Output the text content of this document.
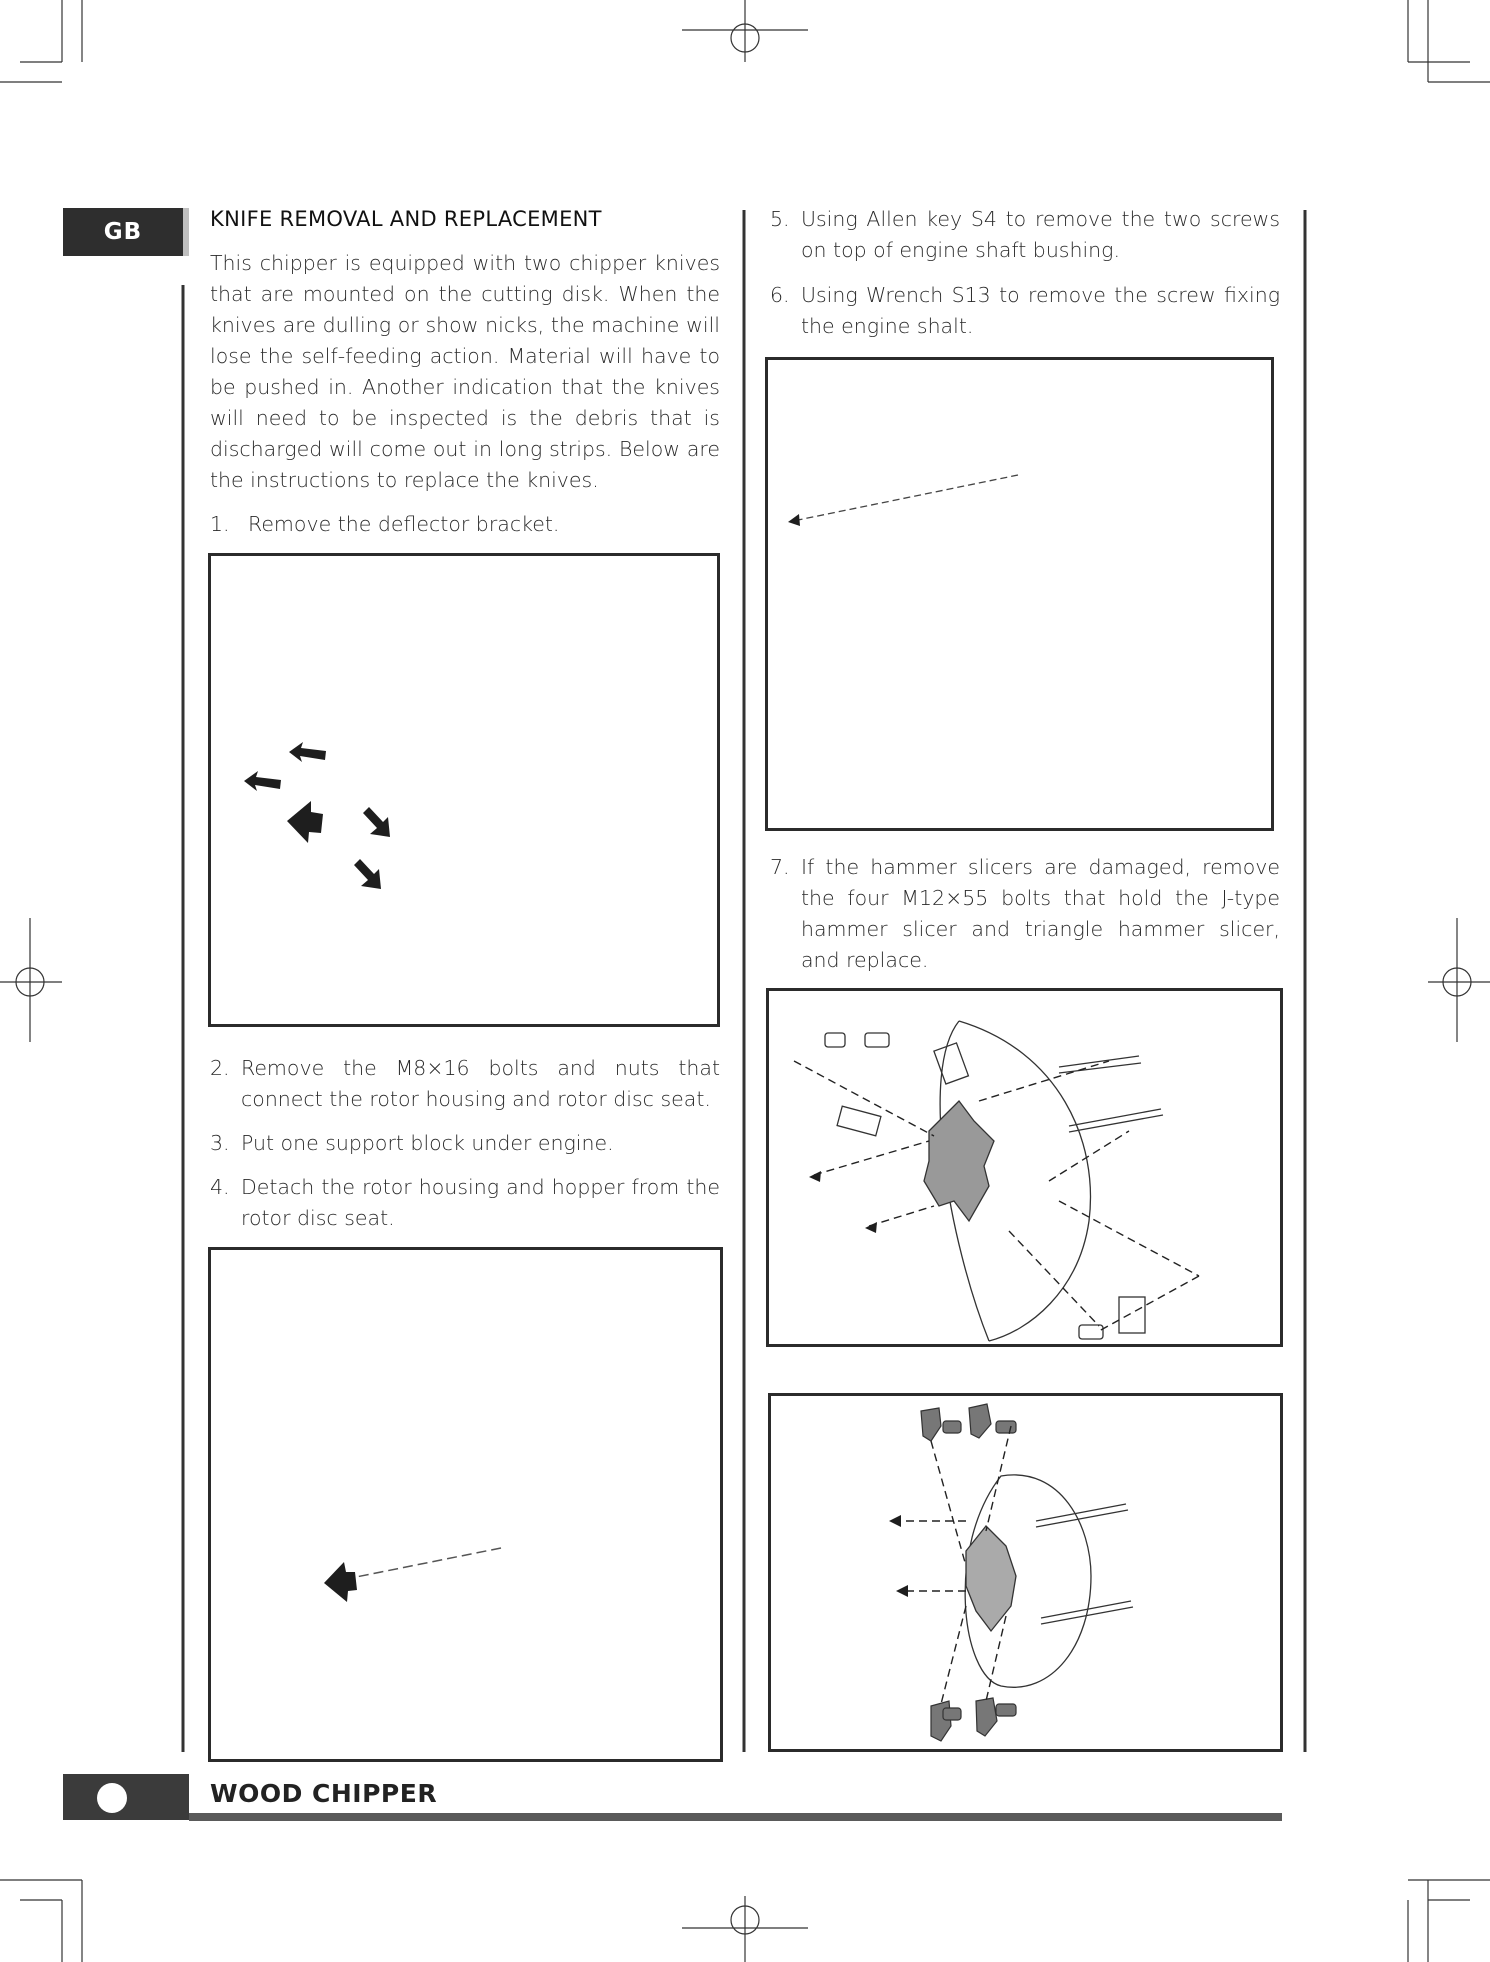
GB	KNIFE REMOVAL AND REPLACEMENT
This chipper is equipped with two chipper knives that are mounted on the cutting disk. When the knives are dulling or show nicks, the machine will lose the self-feeding action. Material will have to be pushed in. Another indication that the knives will need to be inspected is the debris that is discharged will come out in long strips. Below are the instructions to replace the knives.
1. Remove the deflector bracket.
2. Remove the M8×16 bolts and nuts that connect the rotor housing and rotor disc seat.
3. Put one support block under engine.
4. Detach the rotor housing and hopper from the rotor disc seat.
5. Using Allen key S4 to remove the two screws on top of engine shaft bushing.
6. Using Wrench S13 to remove the screw fixing the engine shalt.
7. If the hammer slicers are damaged, remove the four M12×55 bolts that hold the J-type hammer slicer and triangle hammer slicer, and replace.
WOOD CHIPPER
